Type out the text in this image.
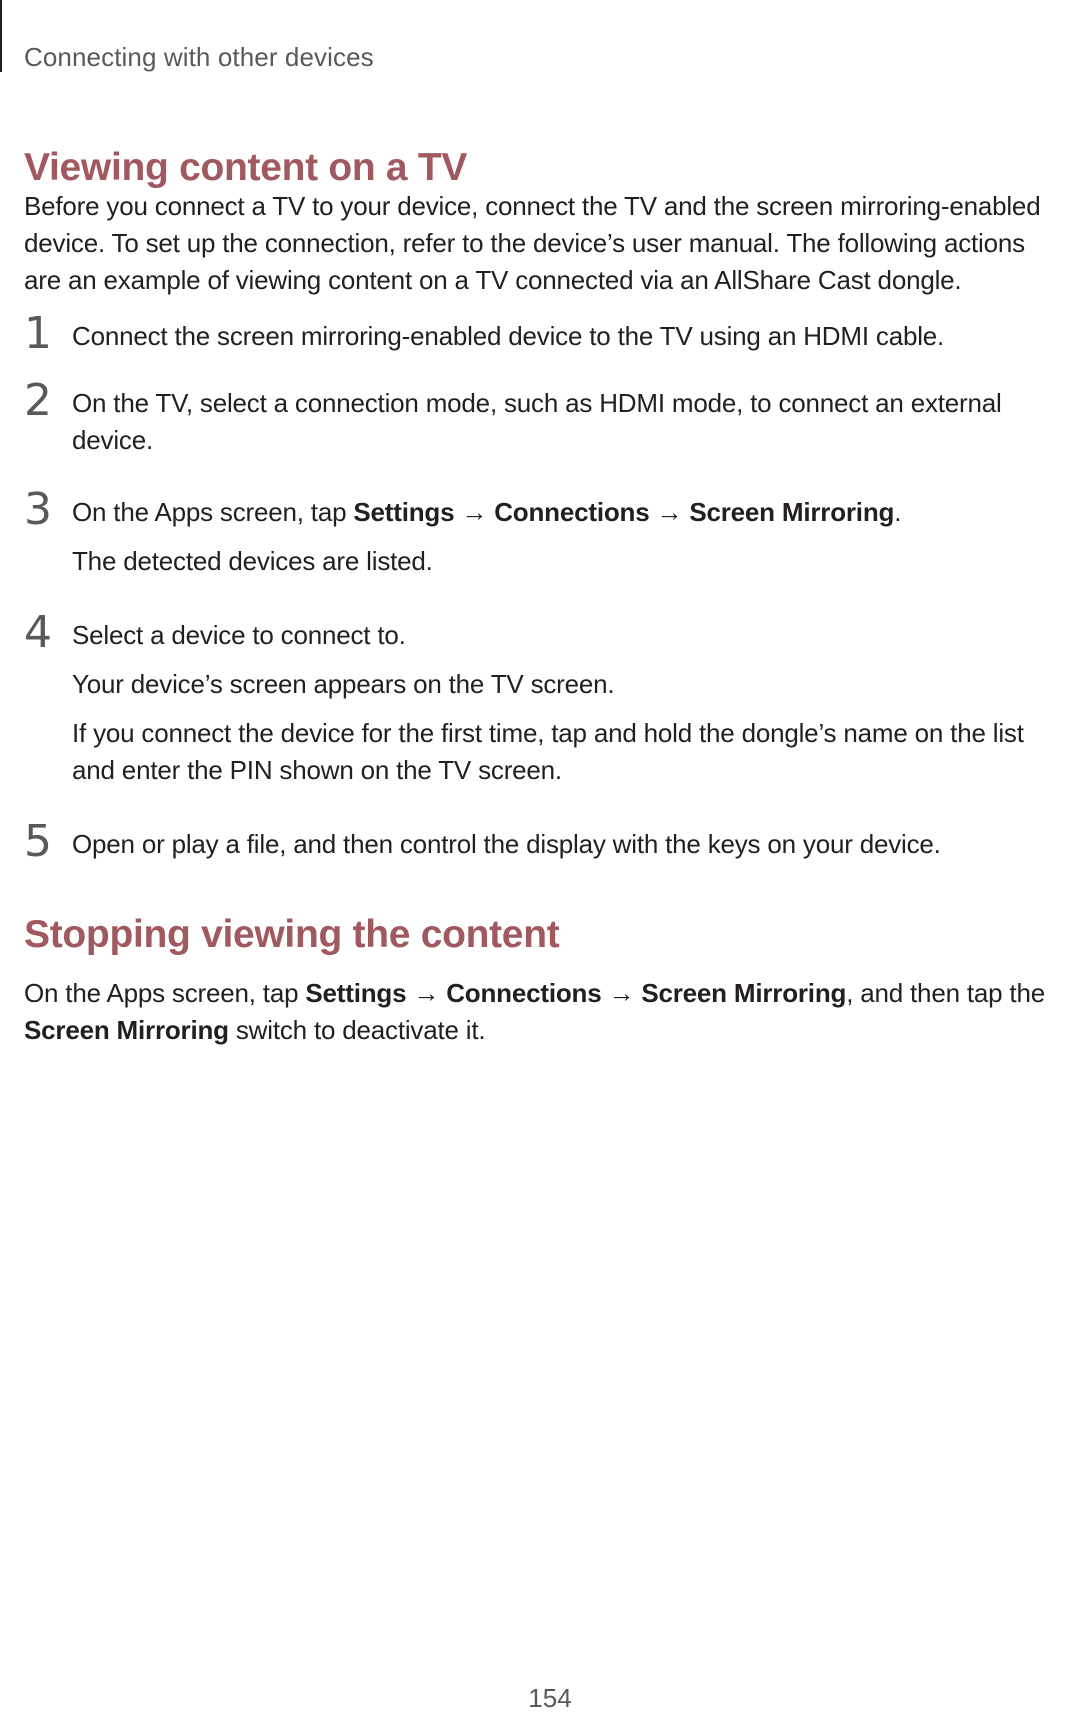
Connecting with other devices
Viewing content on a TV

Before you connect a TV to your device, connect the TV and the screen mirroring-enabled device. To set up the connection, refer to the device’s user manual. The following actions are an example of viewing content on a TV connected via an AllShare Cast dongle.

1 Connect the screen mirroring-enabled device to the TV using an HDMI cable.
2 On the TV, select a connection mode, such as HDMI mode, to connect an external device.
3 On the Apps screen, tap Settings → Connections → Screen Mirroring.
The detected devices are listed.
4 Select a device to connect to.
Your device’s screen appears on the TV screen.
If you connect the device for the first time, tap and hold the dongle’s name on the list and enter the PIN shown on the TV screen.
5 Open or play a file, and then control the display with the keys on your device.
Stopping viewing the content

On the Apps screen, tap Settings → Connections → Screen Mirroring, and then tap the Screen Mirroring switch to deactivate it.

154
